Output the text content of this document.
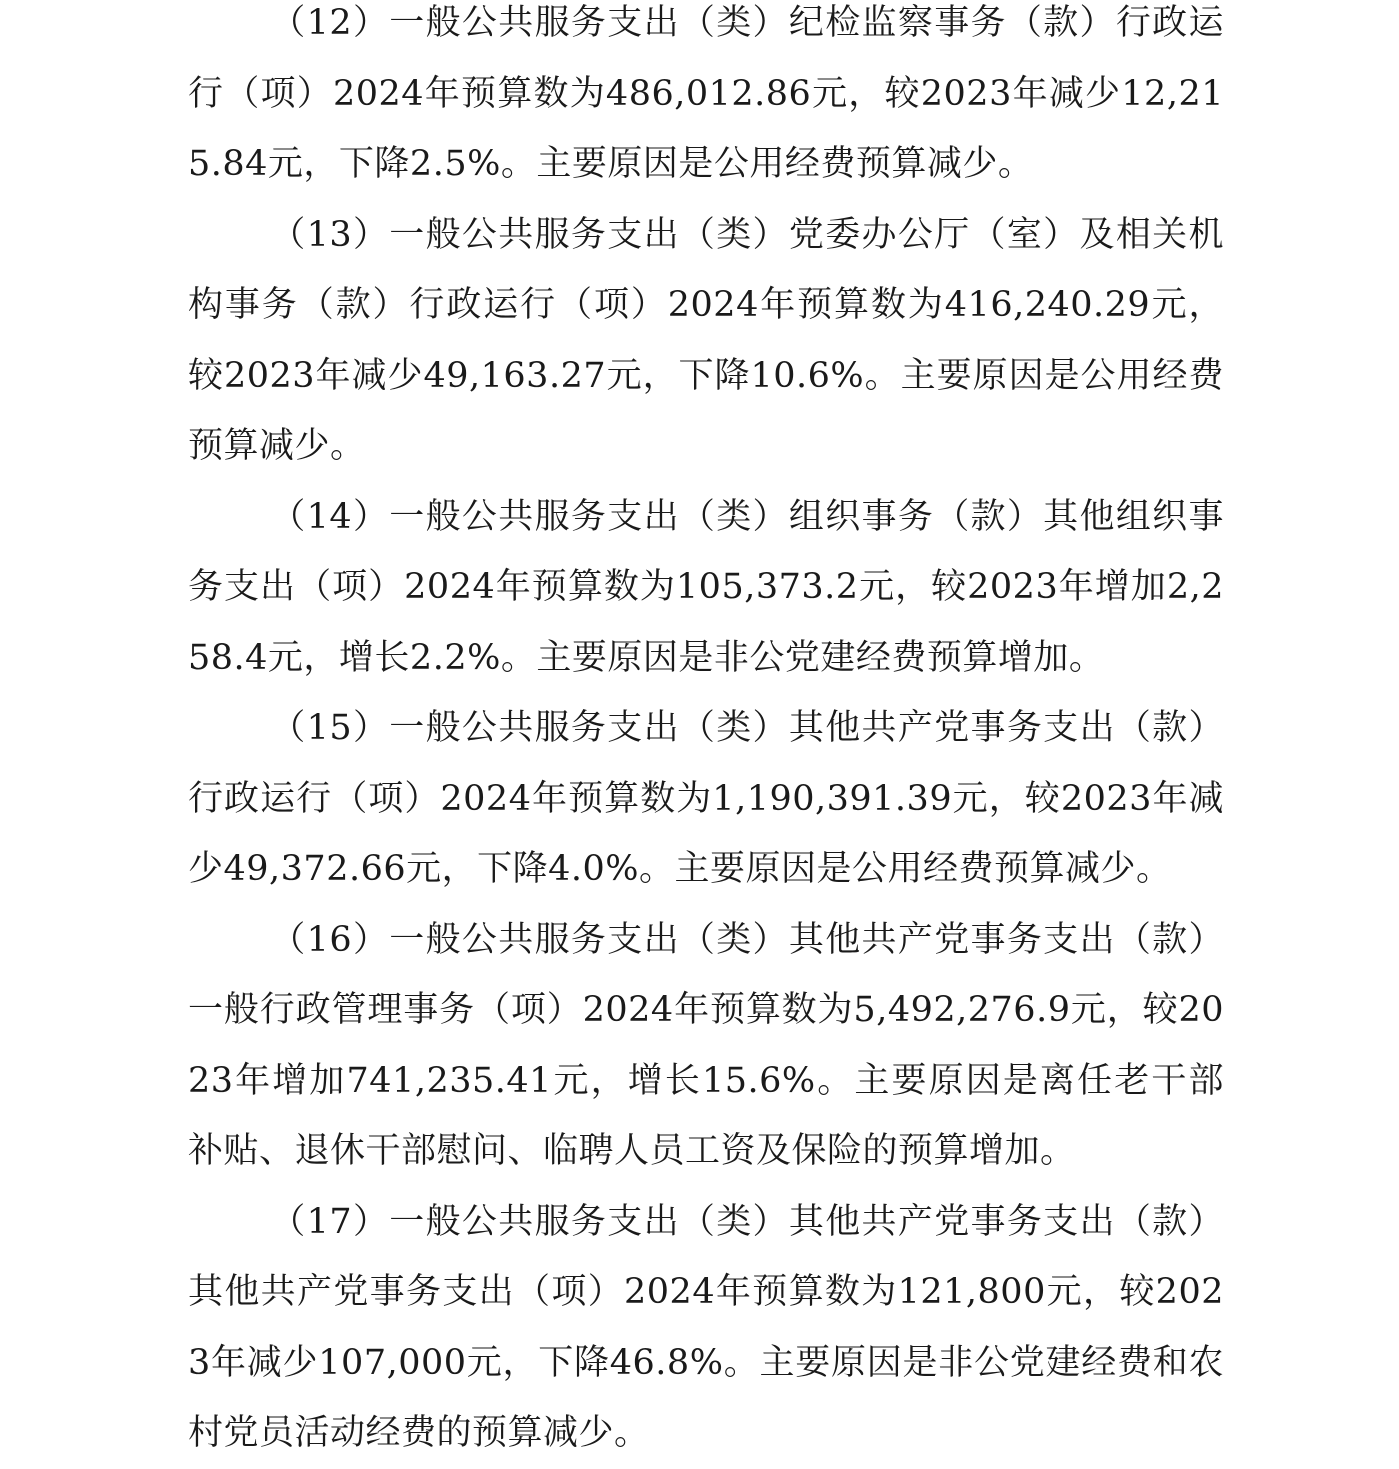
（12）一般公共服务支出（类）纪检监察事务（款）行政运行（项）2024年预算数为486,012.86元，较2023年减少12,215.84元，下降2.5%。主要原因是公用经费预算减少。

（13）一般公共服务支出（类）党委办公厅（室）及相关机构事务（款）行政运行（项）2024年预算数为416,240.29元，较2023年减少49,163.27元，下降10.6%。主要原因是公用经费预算减少。

（14）一般公共服务支出（类）组织事务（款）其他组织事务支出（项）2024年预算数为105,373.2元，较2023年增加2,258.4元，增长2.2%。主要原因是非公党建经费预算增加。

（15）一般公共服务支出（类）其他共产党事务支出（款）行政运行（项）2024年预算数为1,190,391.39元，较2023年减少49,372.66元，下降4.0%。主要原因是公用经费预算减少。

（16）一般公共服务支出（类）其他共产党事务支出（款）一般行政管理事务（项）2024年预算数为5,492,276.9元，较2023年增加741,235.41元，增长15.6%。主要原因是离任老干部补贴、退休干部慰问、临聘人员工资及保险的预算增加。

（17）一般公共服务支出（类）其他共产党事务支出（款）其他共产党事务支出（项）2024年预算数为121,800元，较2023年减少107,000元，下降46.8%。主要原因是非公党建经费和农村党员活动经费的预算减少。
